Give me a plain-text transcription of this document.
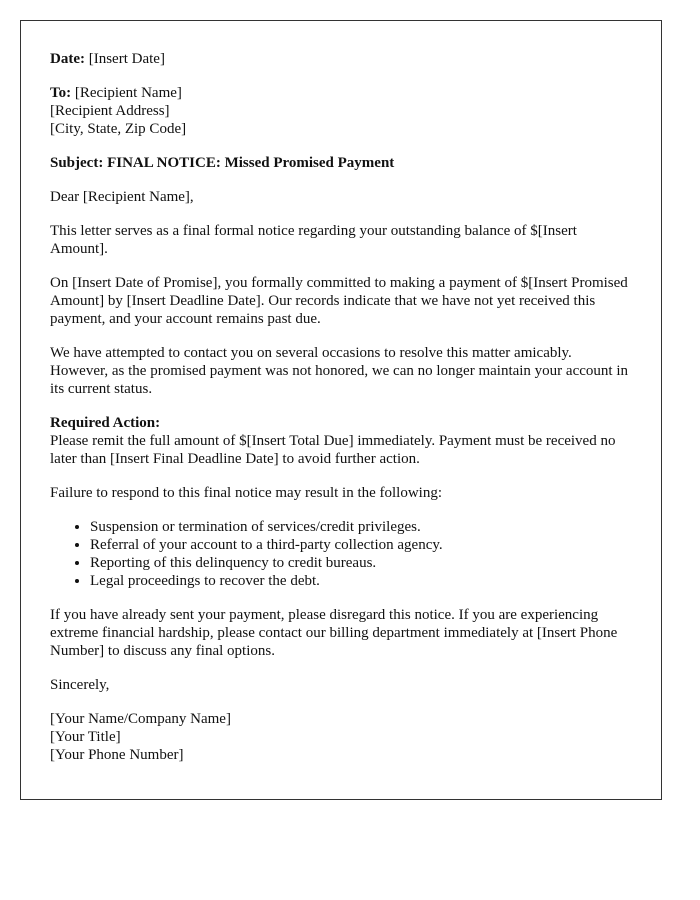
Date: [Insert Date]

To: [Recipient Name]
[Recipient Address]
[City, State, Zip Code]

Subject: FINAL NOTICE: Missed Promised Payment

Dear [Recipient Name],

This letter serves as a final formal notice regarding your outstanding balance of $[Insert Amount].

On [Insert Date of Promise], you formally committed to making a payment of $[Insert Promised Amount] by [Insert Deadline Date]. Our records indicate that we have not yet received this payment, and your account remains past due.

We have attempted to contact you on several occasions to resolve this matter amicably. However, as the promised payment was not honored, we can no longer maintain your account in its current status.

Required Action:
Please remit the full amount of $[Insert Total Due] immediately. Payment must be received no later than [Insert Final Deadline Date] to avoid further action.

Failure to respond to this final notice may result in the following:

• Suspension or termination of services/credit privileges.
• Referral of your account to a third-party collection agency.
• Reporting of this delinquency to credit bureaus.
• Legal proceedings to recover the debt.

If you have already sent your payment, please disregard this notice. If you are experiencing extreme financial hardship, please contact our billing department immediately at [Insert Phone Number] to discuss any final options.

Sincerely,

[Your Name/Company Name]
[Your Title]
[Your Phone Number]
